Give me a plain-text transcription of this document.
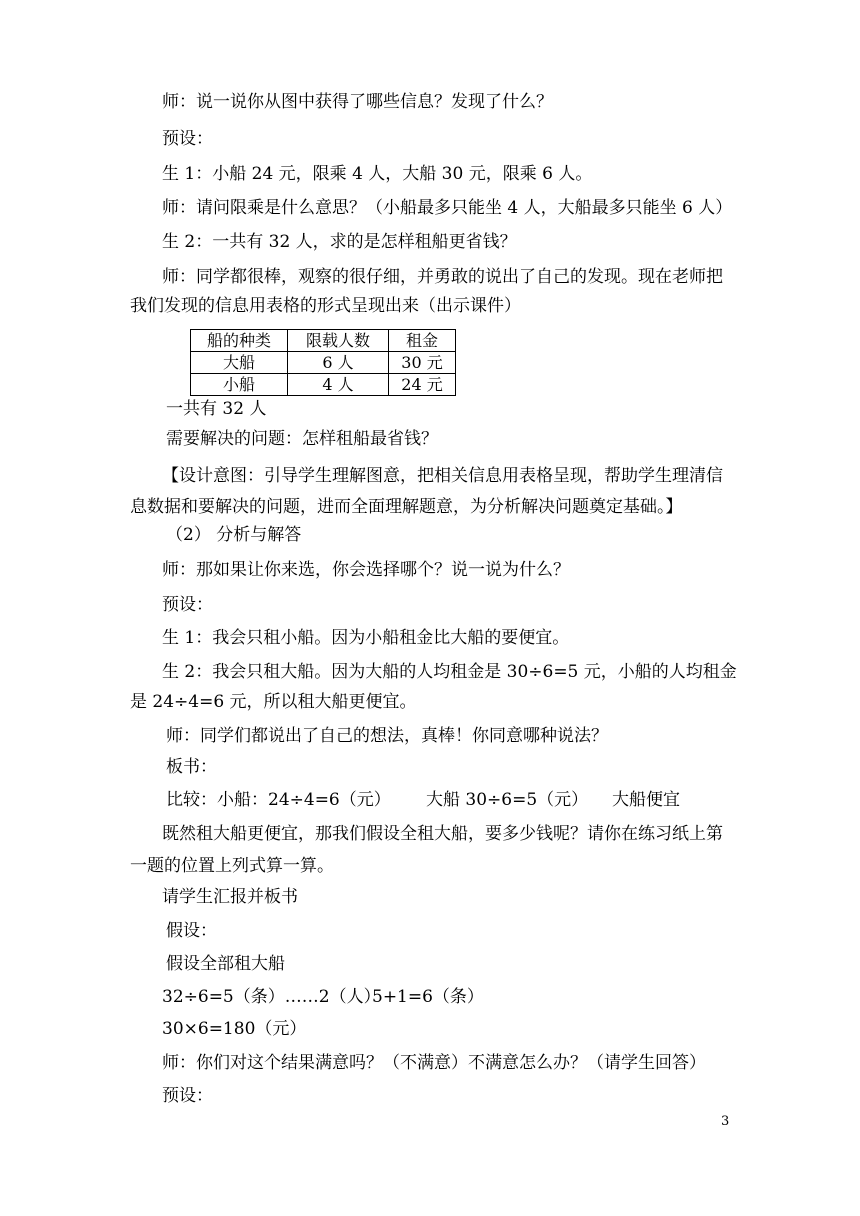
师：说一说你从图中获得了哪些信息？发现了什么？
预设：
生 1：小船 24 元，限乘 4 人，大船 30 元，限乘 6 人。
师：请问限乘是什么意思？（小船最多只能坐 4 人，大船最多只能坐 6 人）
生 2：一共有 32 人，求的是怎样租船更省钱？
师：同学都很棒，观察的很仔细，并勇敢的说出了自己的发现。现在老师把
我们发现的信息用表格的形式呈现出来（出示课件）
船的种类	限载人数	租金
大船	6 人	30 元
小船	4 人	24 元
一共有 32 人
需要解决的问题：怎样租船最省钱？
【设计意图：引导学生理解图意，把相关信息用表格呈现，帮助学生理清信
息数据和要解决的问题，进而全面理解题意，为分析解决问题奠定基础。】
（2） 分析与解答
师：那如果让你来选，你会选择哪个？说一说为什么？
预设：
生 1：我会只租小船。因为小船租金比大船的要便宜。
生 2：我会只租大船。因为大船的人均租金是 30÷6=5 元，小船的人均租金
是 24÷4=6 元，所以租大船更便宜。
师：同学们都说出了自己的想法，真棒！你同意哪种说法？
板书：
比较：小船：24÷4=6（元） 大船 30÷6=5（元） 大船便宜
既然租大船更便宜，那我们假设全租大船，要多少钱呢？请你在练习纸上第
一题的位置上列式算一算。
请学生汇报并板书
假设：
假设全部租大船
32÷6=5（条）……2（人）
5+1=6（条）
30×6=180（元）
师：你们对这个结果满意吗？（不满意）不满意怎么办？（请学生回答）
预设：
3
